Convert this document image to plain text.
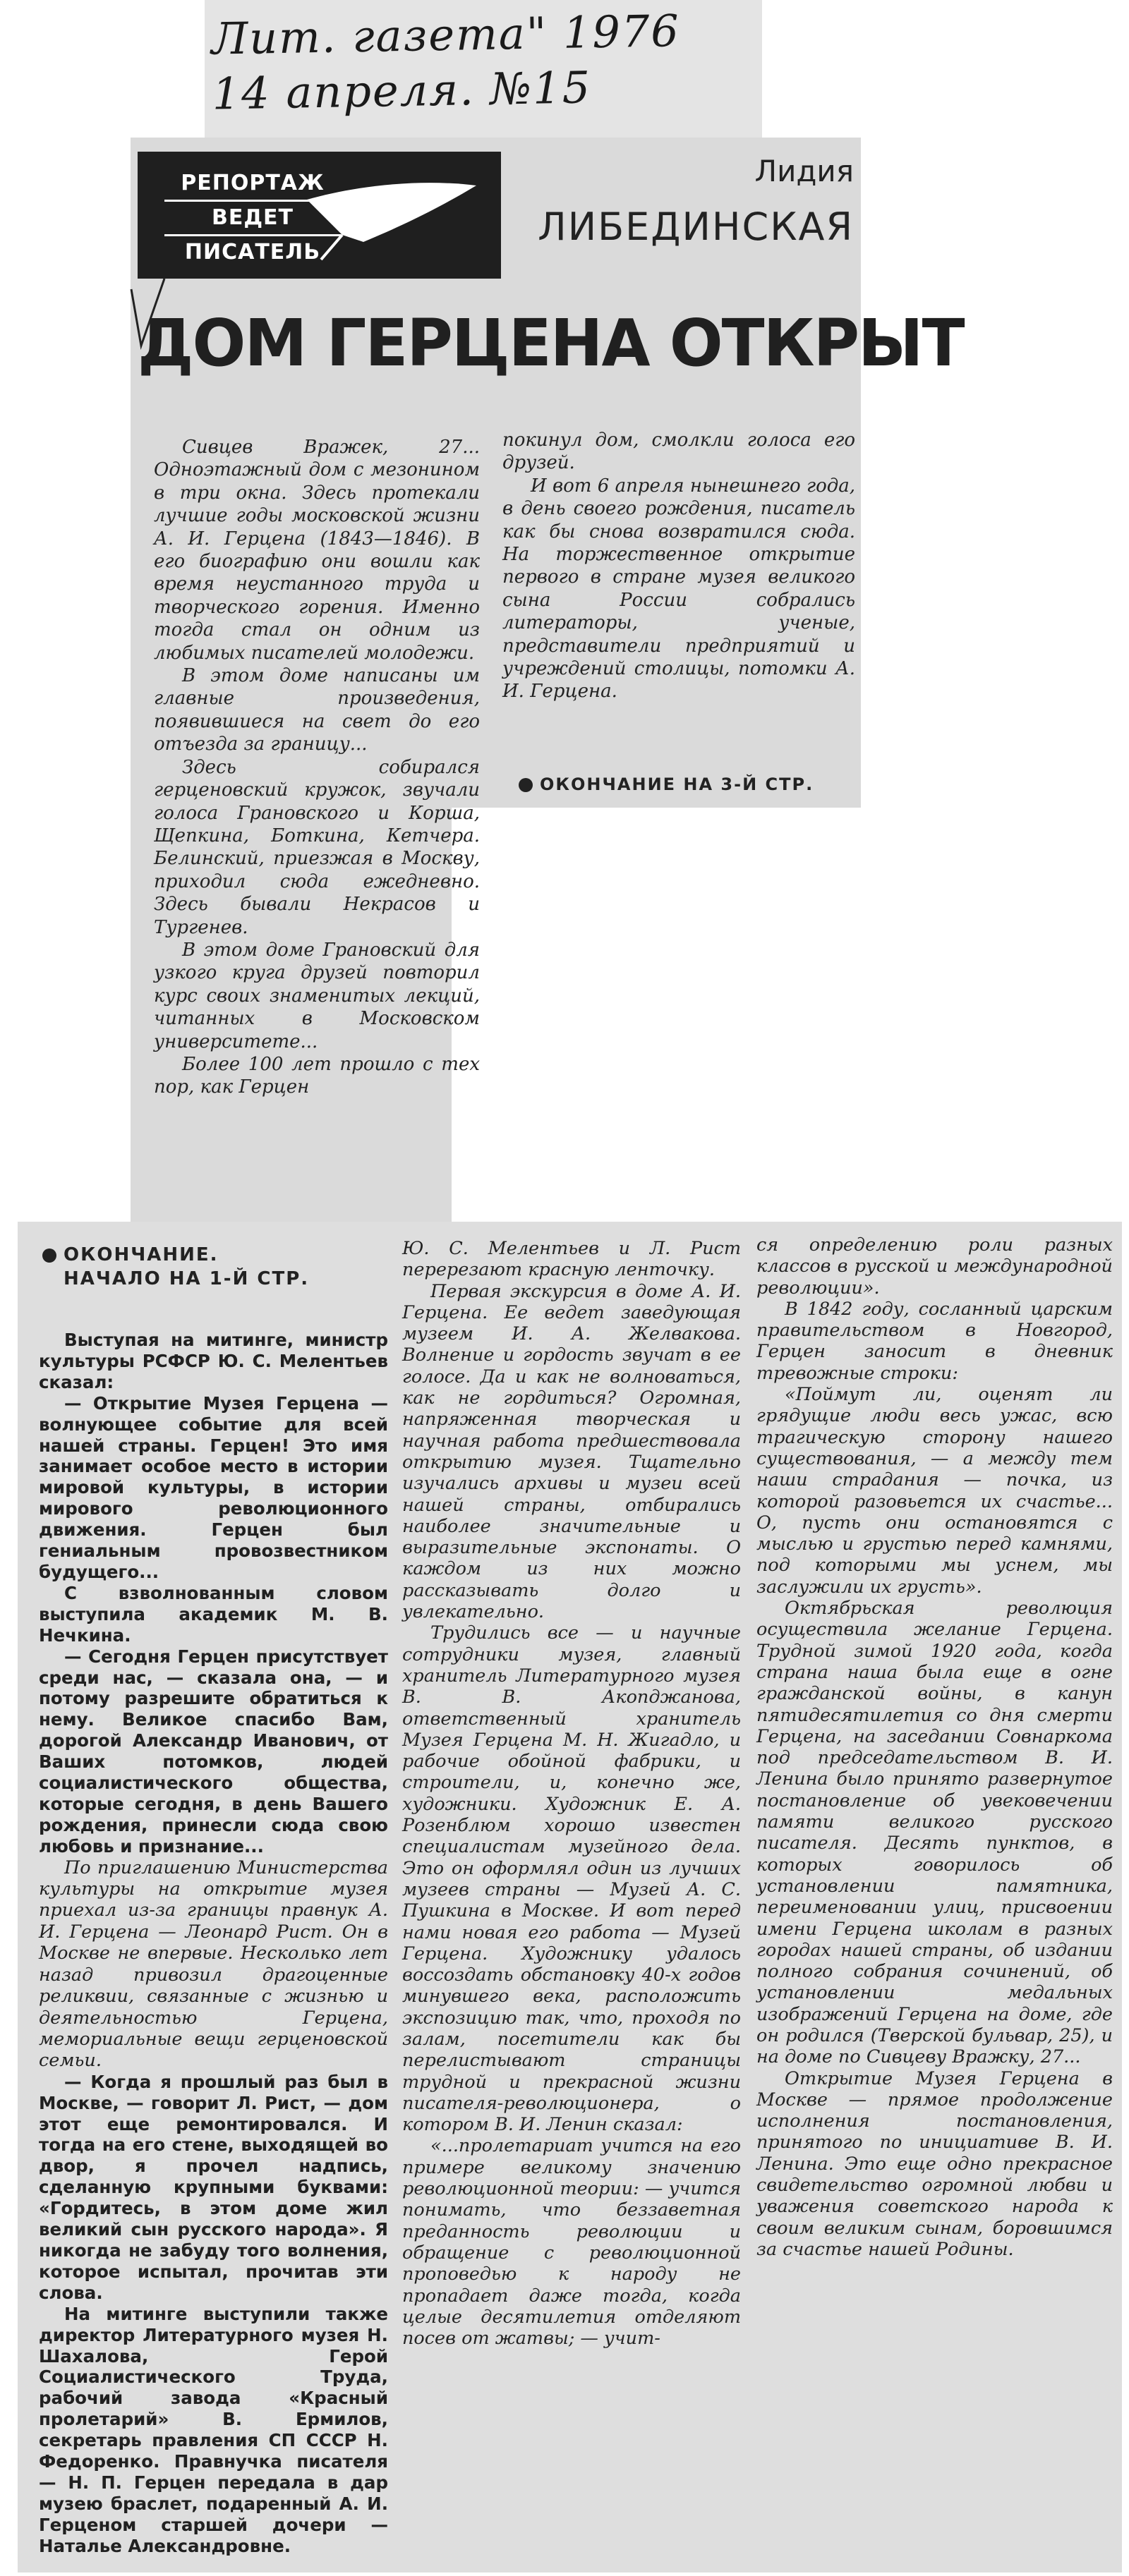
Лит. газета" 1976
14 апреля. №15
РЕПОРТАЖ
ВЕДЕТ
ПИСАТЕЛЬ
Лидия
ЛИБЕДИНСКАЯ
ДОМ ГЕРЦЕНА ОТКРЫТ

Сивцев Вражек, 27... Одноэтажный дом с мезонином в три окна. Здесь протекали лучшие годы московской жизни А. И. Герцена (1843—1846). В его биографию они вошли как время неустанного труда и творческого горения. Именно тогда стал он одним из любимых писателей молодежи.

В этом доме написаны им главные произведения, появившиеся на свет до его отъезда за границу...

Здесь собирался герценовский кружок, звучали голоса Грановского и Корша, Щепкина, Боткина, Кетчера. Белинский, приезжая в Москву, приходил сюда ежедневно. Здесь бывали Некрасов и Тургенев.

В этом доме Грановский для узкого круга друзей повторил курс своих знаменитых лекций, читанных в Московском университете...

Более 100 лет прошло с тех пор, как Герцен

покинул дом, смолкли голоса его друзей.

И вот 6 апреля нынешнего года, в день своего рождения, писатель как бы снова возвратился сюда. На торжественное открытие первого в стране музея великого сына России собрались литераторы, ученые, представители предприятий и учреждений столицы, потомки А. И. Герцена.

ОКОНЧАНИЕ НА 3-Й СТР.
ОКОНЧАНИЕ.
НАЧАЛО НА 1-Й СТР.
Выступая на митинге, министр культуры РСФСР Ю. С. Мелентьев сказал:
— Открытие Музея Герцена — волнующее событие для всей нашей страны. Герцен! Это имя занимает особое место в истории мировой культуры, в истории мирового революционного движения. Герцен был гениальным провозвестником будущего...
С взволнованным словом выступила академик М. В. Нечкина.
— Сегодня Герцен присутствует среди нас, — сказала она, — и потому разрешите обратиться к нему. Великое спасибо Вам, дорогой Александр Иванович, от Ваших потомков, людей социалистического общества, которые сегодня, в день Вашего рождения, принесли сюда свою любовь и признание...
По приглашению Министерства культуры на открытие музея приехал из-за границы правнук А. И. Герцена — Леонард Рист. Он в Москве не впервые. Несколько лет назад привозил драгоценные реликвии, связанные с жизнью и деятельностью Герцена, мемориальные вещи герценовской семьи.
— Когда я прошлый раз был в Москве, — говорит Л. Рист, — дом этот еще ремонтировался. И тогда на его стене, выходящей во двор, я прочел надпись, сделанную крупными буквами: «Гордитесь, в этом доме жил великий сын русского народа». Я никогда не забуду того волнения, которое испытал, прочитав эти слова.
На митинге выступили также директор Литературного музея Н. Шахалова, Герой Социалистического Труда, рабочий завода «Красный пролетарий» В. Ермилов, секретарь правления СП СССР Н. Федоренко. Правнучка писателя — Н. П. Герцен передала в дар музею браслет, подаренный А. И. Герценом старшей дочери — Наталье Александровне.

Ю. С. Мелентьев и Л. Рист перерезают красную ленточку.

Первая экскурсия в доме А. И. Герцена. Ее ведет заведующая музеем И. А. Желвакова. Волнение и гордость звучат в ее голосе. Да и как не волноваться, как не гордиться? Огромная, напряженная творческая и научная работа предшествовала открытию музея. Тщательно изучались архивы и музеи всей нашей страны, отбирались наиболее значительные и выразительные экспонаты. О каждом из них можно рассказывать долго и увлекательно.

Трудились все — и научные сотрудники музея, главный хранитель Литературного музея В. В. Акопджанова, ответственный хранитель Музея Герцена М. Н. Жигадло, и рабочие обойной фабрики, и строители, и, конечно же, художники. Художник Е. А. Розенблюм хорошо известен специалистам музейного дела. Это он оформлял один из лучших музеев страны — Музей А. С. Пушкина в Москве. И вот перед нами новая его работа — Музей Герцена. Художнику удалось воссоздать обстановку 40-х годов минувшего века, расположить экспозицию так, что, проходя по залам, посетители как бы перелистывают страницы трудной и прекрасной жизни писателя-революционера, о котором В. И. Ленин сказал:

«...пролетариат учится на его примере великому значению революционной теории: — учится понимать, что беззаветная преданность революции и обращение с революционной проповедью к народу не пропадает даже тогда, когда целые десятилетия отделяют посев от жатвы; — учит-

ся определению роли разных классов в русской и международной революции».

В 1842 году, сосланный царским правительством в Новгород, Герцен заносит в дневник тревожные строки:

«Поймут ли, оценят ли грядущие люди весь ужас, всю трагическую сторону нашего существования, — а между тем наши страдания — почка, из которой разовьется их счастье... О, пусть они остановятся с мыслью и грустью перед камнями, под которыми мы уснем, мы заслужили их грусть».

Октябрьская революция осуществила желание Герцена. Трудной зимой 1920 года, когда страна наша была еще в огне гражданской войны, в канун пятидесятилетия со дня смерти Герцена, на заседании Совнаркома под председательством В. И. Ленина было принято развернутое постановление об увековечении памяти великого русского писателя. Десять пунктов, в которых говорилось об установлении памятника, переименовании улиц, присвоении имени Герцена школам в разных городах нашей страны, об издании полного собрания сочинений, об установлении медальных изображений Герцена на доме, где он родился (Тверской бульвар, 25), и на доме по Сивцеву Вражку, 27...

Открытие Музея Герцена в Москве — прямое продолжение исполнения постановления, принятого по инициативе В. И. Ленина. Это еще одно прекрасное свидетельство огромной любви и уважения советского народа к своим великим сынам, боровшимся за счастье нашей Родины.
